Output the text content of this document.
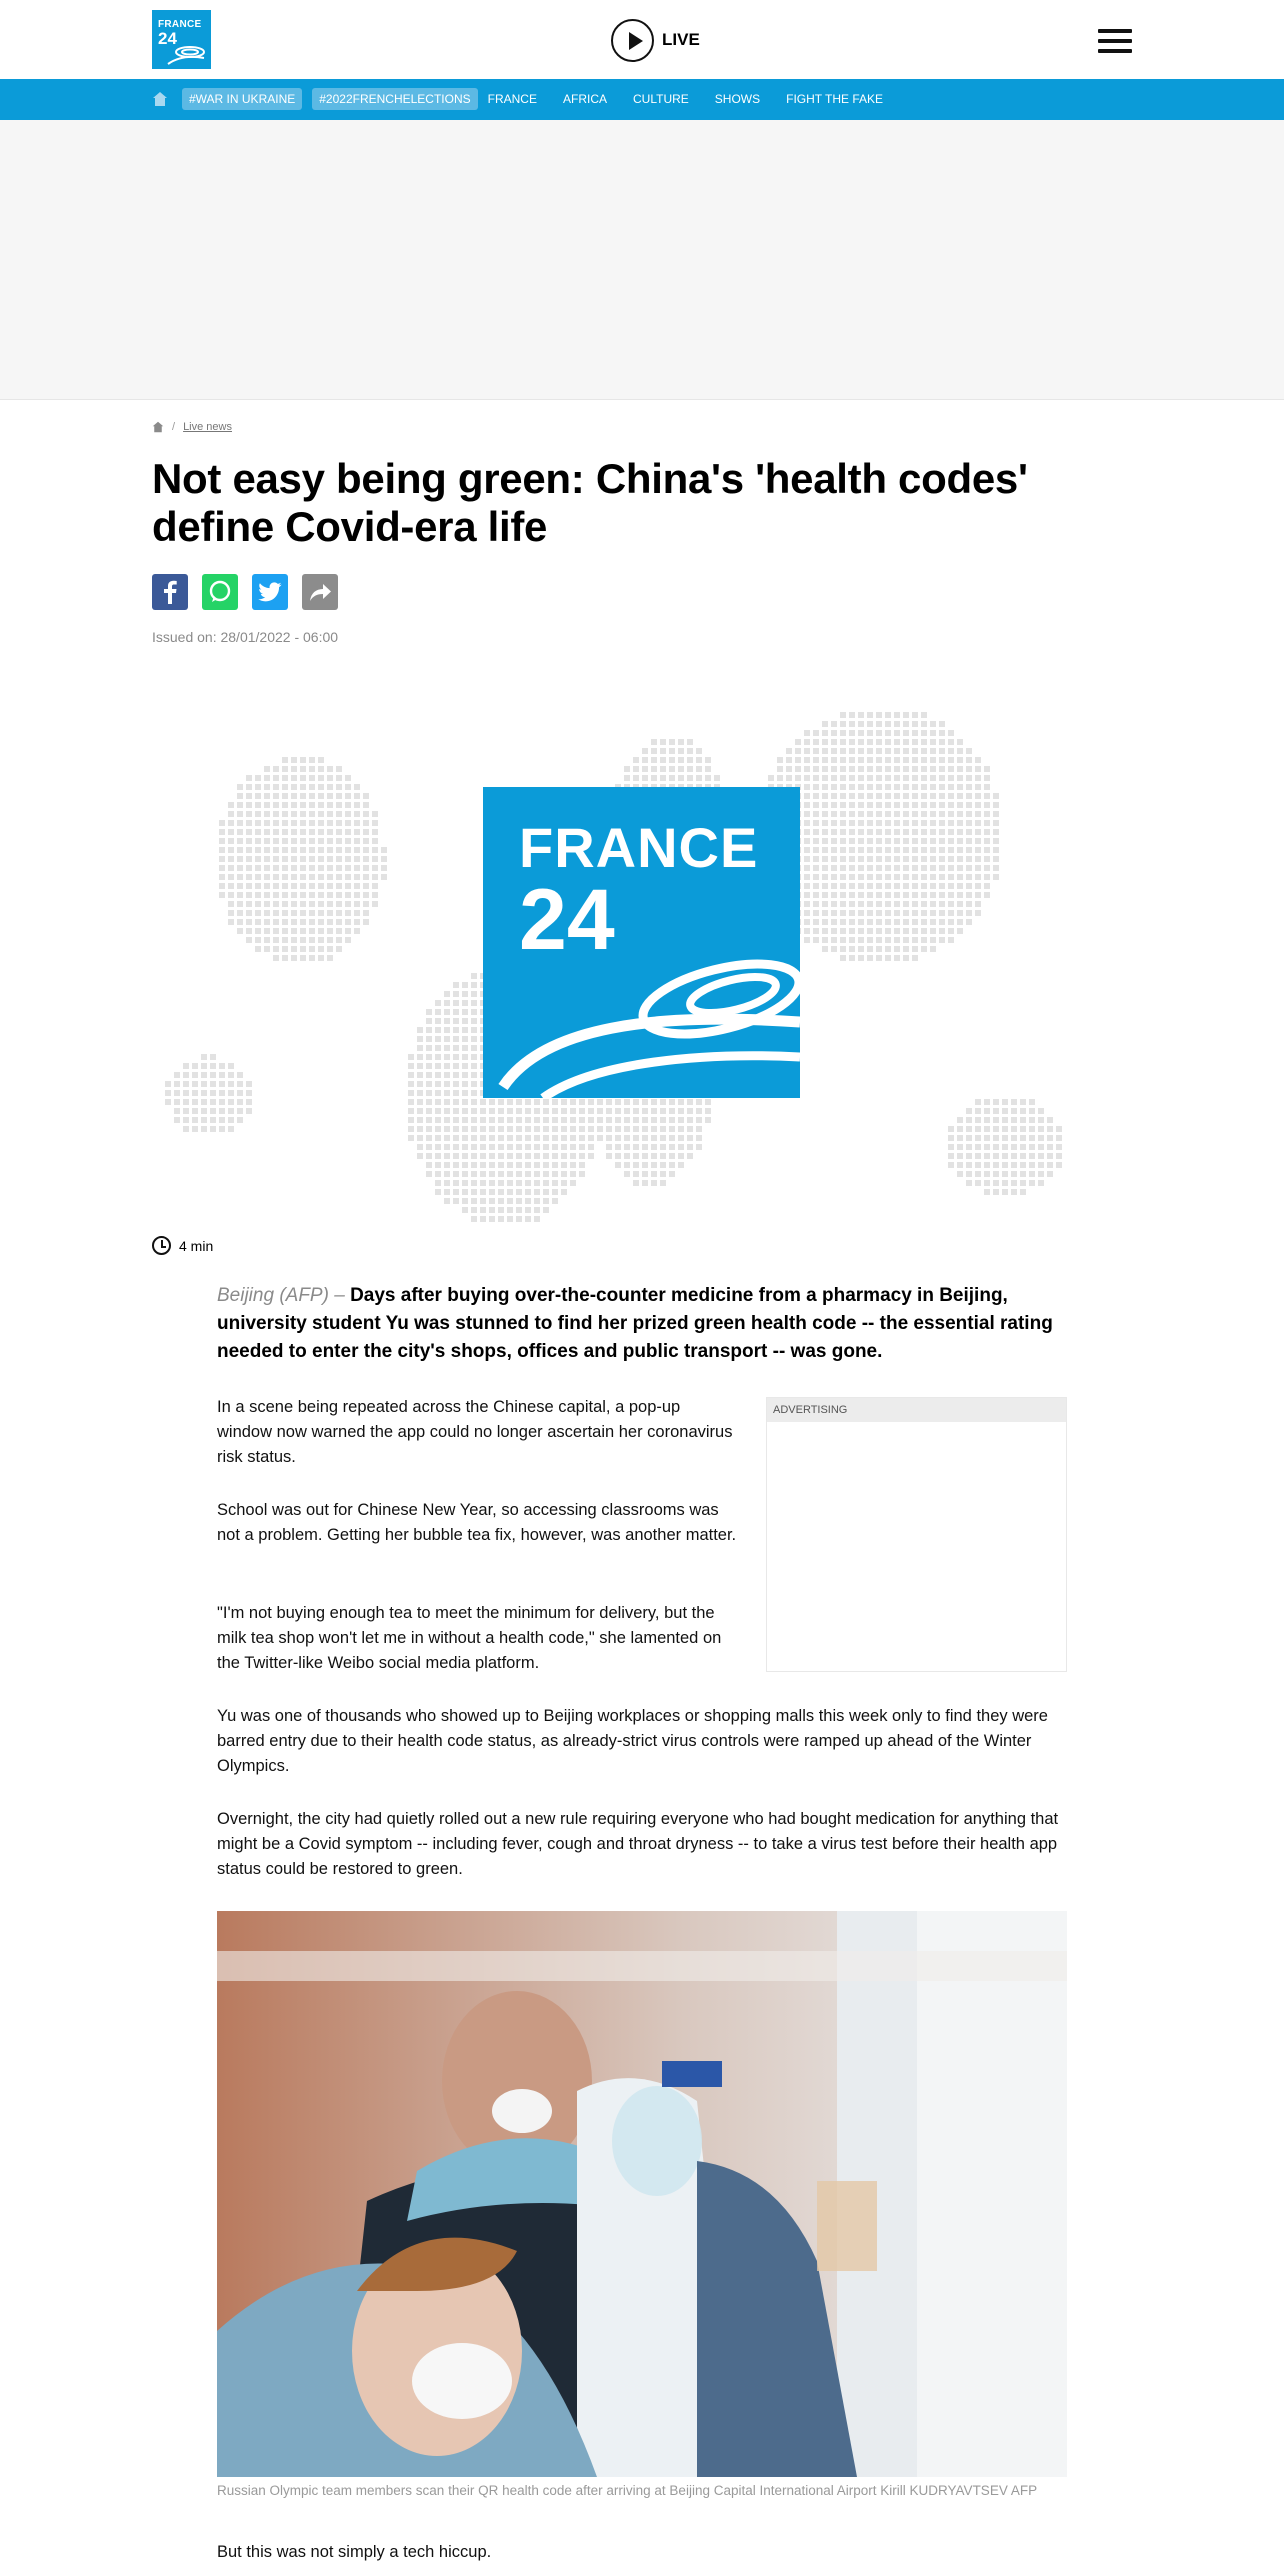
FRANCE
24	LIVE
#WAR IN UKRAINE	#2022FRENCHELECTIONS	FRANCE AFRICA CULTURE SHOWS FIGHT THE FAKE
/ Live news
Not easy being green: China's 'health codes' define Covid-era life
Issued on: 28/01/2022 - 06:00
FRANCE
24
4 min

Beijing (AFP) – Days after buying over-the-counter medicine from a pharmacy in Beijing, university student Yu was stunned to find her prized green health code -- the essential rating needed to enter the city's shops, offices and public transport -- was gone.

In a scene being repeated across the Chinese capital, a pop-up window now warned the app could no longer ascertain her coronavirus risk status.

School was out for Chinese New Year, so accessing classrooms was not a problem. Getting her bubble tea fix, however, was another matter.

"I'm not buying enough tea to meet the minimum for delivery, but the milk tea shop won't let me in without a health code," she lamented on the Twitter-like Weibo social media platform.

ADVERTISING

Yu was one of thousands who showed up to Beijing workplaces or shopping malls this week only to find they were barred entry due to their health code status, as already-strict virus controls were ramped up ahead of the Winter Olympics.

Overnight, the city had quietly rolled out a new rule requiring everyone who had bought medication for anything that might be a Covid symptom -- including fever, cough and throat dryness -- to take a virus test before their health app status could be restored to green.

Russian Olympic team members scan their QR health code after arriving at Beijing Capital International Airport Kirill KUDRYAVTSEV AFP

But this was not simply a tech hiccup.
